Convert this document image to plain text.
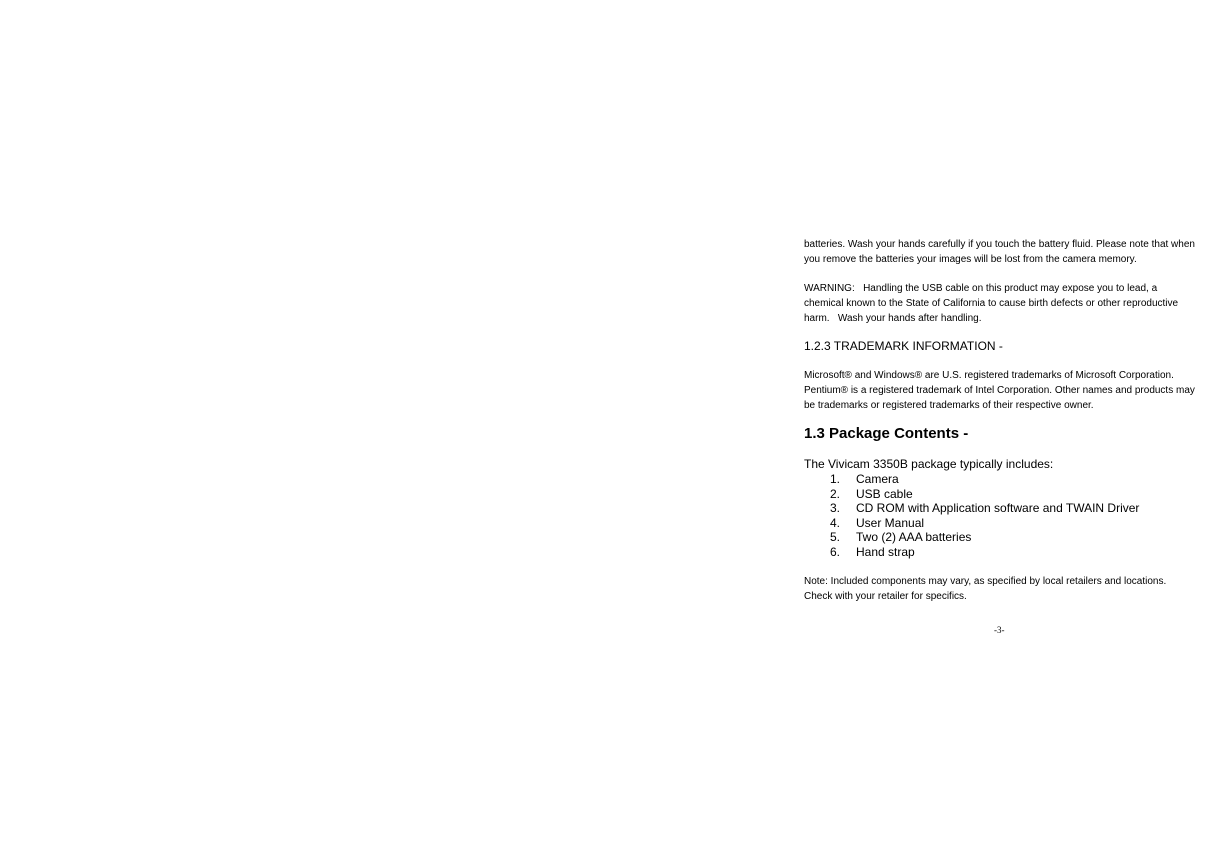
batteries. Wash your hands carefully if you touch the battery fluid. Please note that when you remove the batteries your images will be lost from the camera memory.

WARNING:   Handling the USB cable on this product may expose you to lead, a chemical known to the State of California to cause birth defects or other reproductive harm.   Wash your hands after handling.

1.2.3 TRADEMARK INFORMATION -

Microsoft® and Windows® are U.S. registered trademarks of Microsoft Corporation. Pentium® is a registered trademark of Intel Corporation. Other names and products may be trademarks or registered trademarks of their respective owner.

1.3 Package Contents -

The Vivicam 3350B package typically includes:

1. Camera
2. USB cable
3. CD ROM with Application software and TWAIN Driver
4. User Manual
5. Two (2) AAA batteries
6. Hand strap

Note: Included components may vary, as specified by local retailers and locations. Check with your retailer for specifics.

-3-
